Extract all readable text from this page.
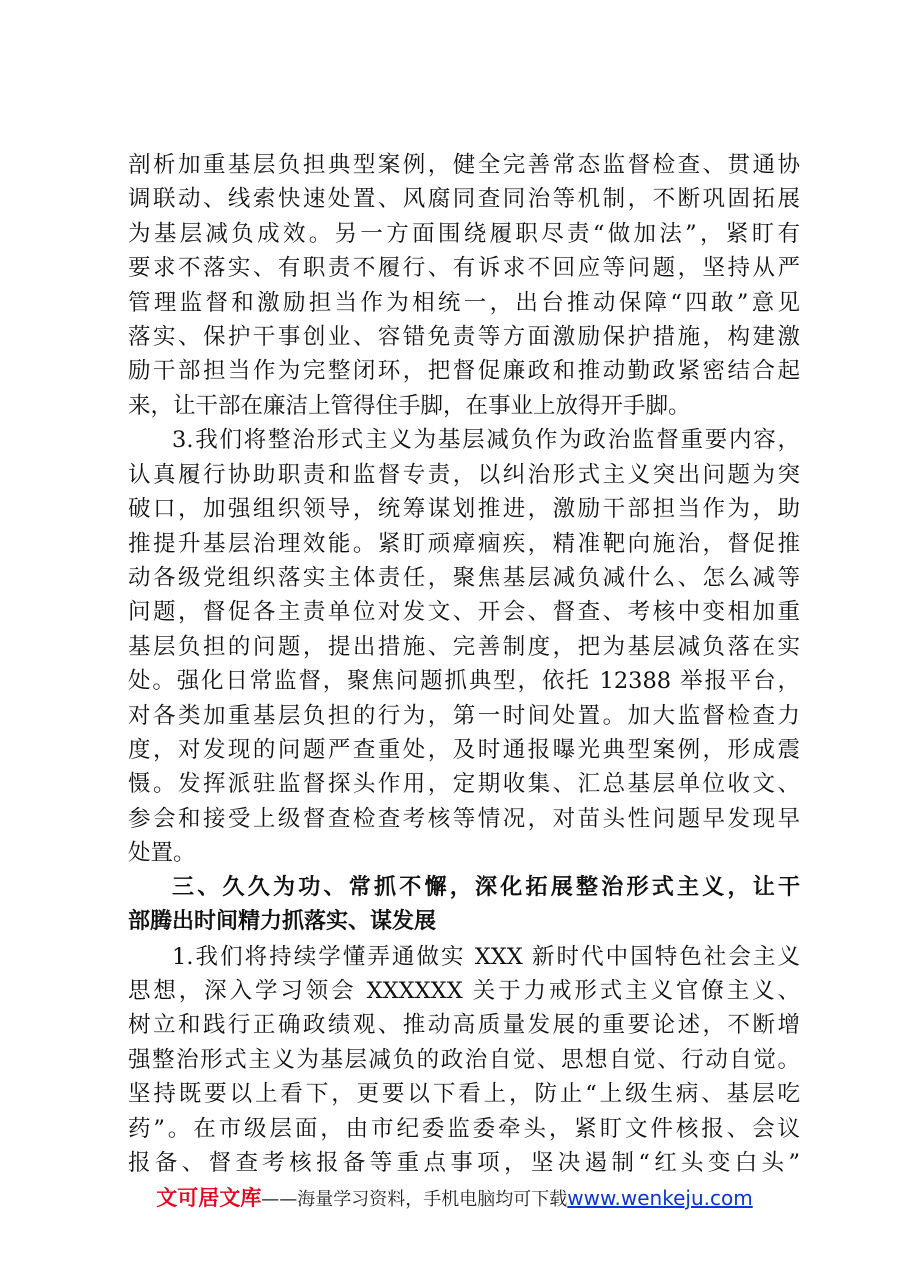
剖析加重基层负担典型案例，健全完善常态监督检查、贯通协
调联动、线索快速处置、风腐同查同治等机制，不断巩固拓展
为基层减负成效。另一方面围绕履职尽责“做加法”，紧盯有
要求不落实、有职责不履行、有诉求不回应等问题，坚持从严
管理监督和激励担当作为相统一，出台推动保障“四敢”意见
落实、保护干事创业、容错免责等方面激励保护措施，构建激
励干部担当作为完整闭环，把督促廉政和推动勤政紧密结合起
来，让干部在廉洁上管得住手脚，在事业上放得开手脚。
3.我们将整治形式主义为基层减负作为政治监督重要内容，
认真履行协助职责和监督专责，以纠治形式主义突出问题为突
破口，加强组织领导，统筹谋划推进，激励干部担当作为，助
推提升基层治理效能。紧盯顽瘴痼疾，精准靶向施治，督促推
动各级党组织落实主体责任，聚焦基层减负减什么、怎么减等
问题，督促各主责单位对发文、开会、督查、考核中变相加重
基层负担的问题，提出措施、完善制度，把为基层减负落在实
处。强化日常监督，聚焦问题抓典型，依托 12388 举报平台，
对各类加重基层负担的行为，第一时间处置。加大监督检查力
度，对发现的问题严查重处，及时通报曝光典型案例，形成震
慑。发挥派驻监督探头作用，定期收集、汇总基层单位收文、
参会和接受上级督查检查考核等情况，对苗头性问题早发现早
处置。
三、久久为功、常抓不懈，深化拓展整治形式主义，让干
部腾出时间精力抓落实、谋发展
1.我们将持续学懂弄通做实 XXX 新时代中国特色社会主义
思想，深入学习领会 XXXXXX 关于力戒形式主义官僚主义、
树立和践行正确政绩观、推动高质量发展的重要论述，不断增
强整治形式主义为基层减负的政治自觉、思想自觉、行动自觉。
坚持既要以上看下，更要以下看上，防止“上级生病、基层吃
药”。在市级层面，由市纪委监委牵头，紧盯文件核报、会议
报备、督查考核报备等重点事项，坚决遏制“红头变白头”
文可居文库——海量学习资料，手机电脑均可下载www.wenkeju.com
